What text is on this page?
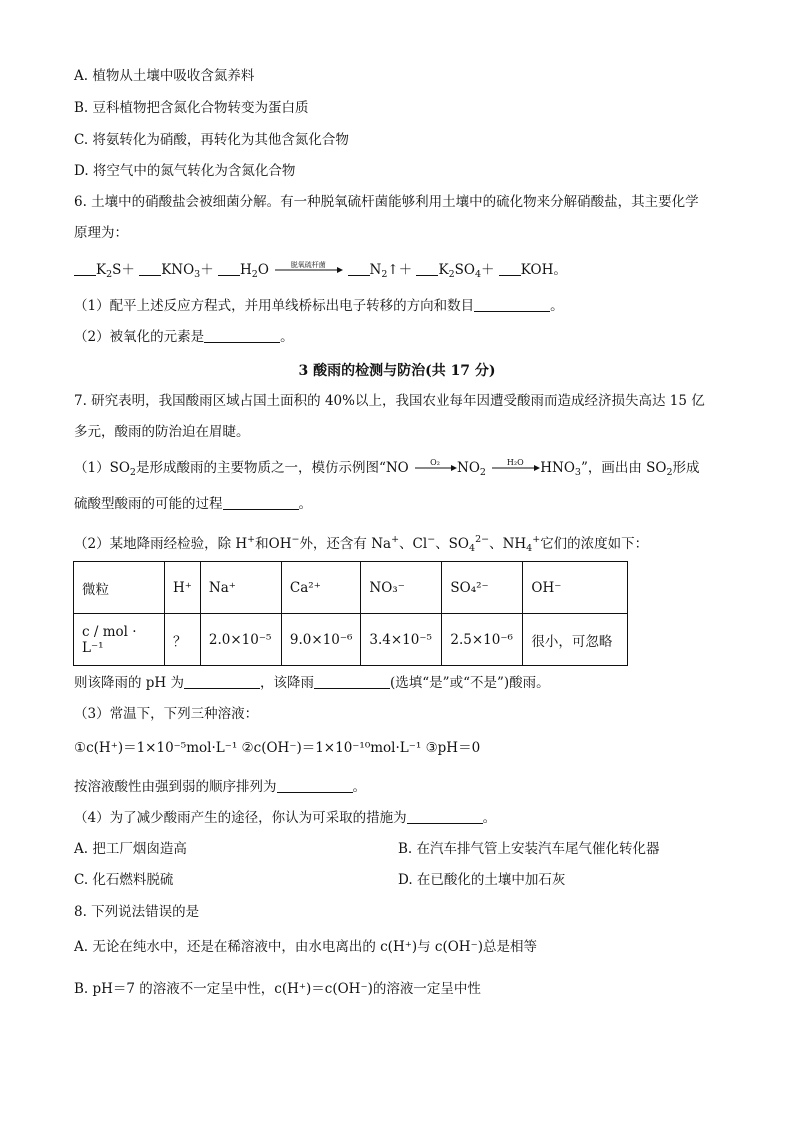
A. 植物从土壤中吸收含氮养料
B. 豆科植物把含氮化合物转变为蛋白质
C. 将氨转化为硝酸，再转化为其他含氮化合物
D. 将空气中的氮气转化为含氮化合物
6. 土壤中的硝酸盐会被细菌分解。有一种脱氧硫杆菌能够利用土壤中的硫化物来分解硝酸盐，其主要化学
原理为：
$K_2S+ KNO_3+ H_2O$	脱氧硫杆菌	$N_2↑+ K_2SO_4+$ KOH。
（1）配平上述反应方程式，并用单线桥标出电子转移的方向和数目	。
（2）被氧化的元素是	。
3 酸雨的检测与防治(共 17 分)
7. 研究表明，我国酸雨区域占国土面积的 40%以上，我国农业每年因遭受酸雨而造成经济损失高达 15 亿
多元，酸雨的防治迫在眉睫。
$(1)SO_2$是形成酸雨的主要物质之一，模仿示例图“NO	O₂	$NO_2$
H₂O	$HNO_3$”，画出由 $SO_2$形成
硫酸型酸雨的可能的过程	。
（2）某地降雨经检验，除 H+和OH−外，还含有 Na+、Cl−、$SO_4^{2-}$、$NH_4^+$它们的浓度如下：
微粒	H⁺	Na⁺	Ca²⁺	NO₃⁻	SO₄²⁻	OH⁻
c / mol · L⁻¹	？	2.0×10⁻⁵	9.0×10⁻⁶	3.4×10⁻⁵	2.5×10⁻⁶	很小，可忽略
则该降雨的 pH 为	，该降雨	(选填“是”或“不是”)酸雨。
（3）常温下，下列三种溶液：
①c(H⁺)＝1×10⁻⁵mol·L⁻¹ ②c(OH⁻)＝1×10⁻¹⁰mol·L⁻¹ ③pH＝0
按溶液酸性由强到弱的顺序排列为	。
（4）为了减少酸雨产生的途径，你认为可采取的措施为	。
A. 把工厂烟囱造高	B. 在汽车排气管上安装汽车尾气催化转化器
C. 化石燃料脱硫	D. 在已酸化的土壤中加石灰
8. 下列说法错误的是
A. 无论在纯水中，还是在稀溶液中，由水电离出的 c(H⁺)与 c(OH⁻)总是相等
B. pH＝7 的溶液不一定呈中性，c(H⁺)＝c(OH⁻)的溶液一定呈中性
